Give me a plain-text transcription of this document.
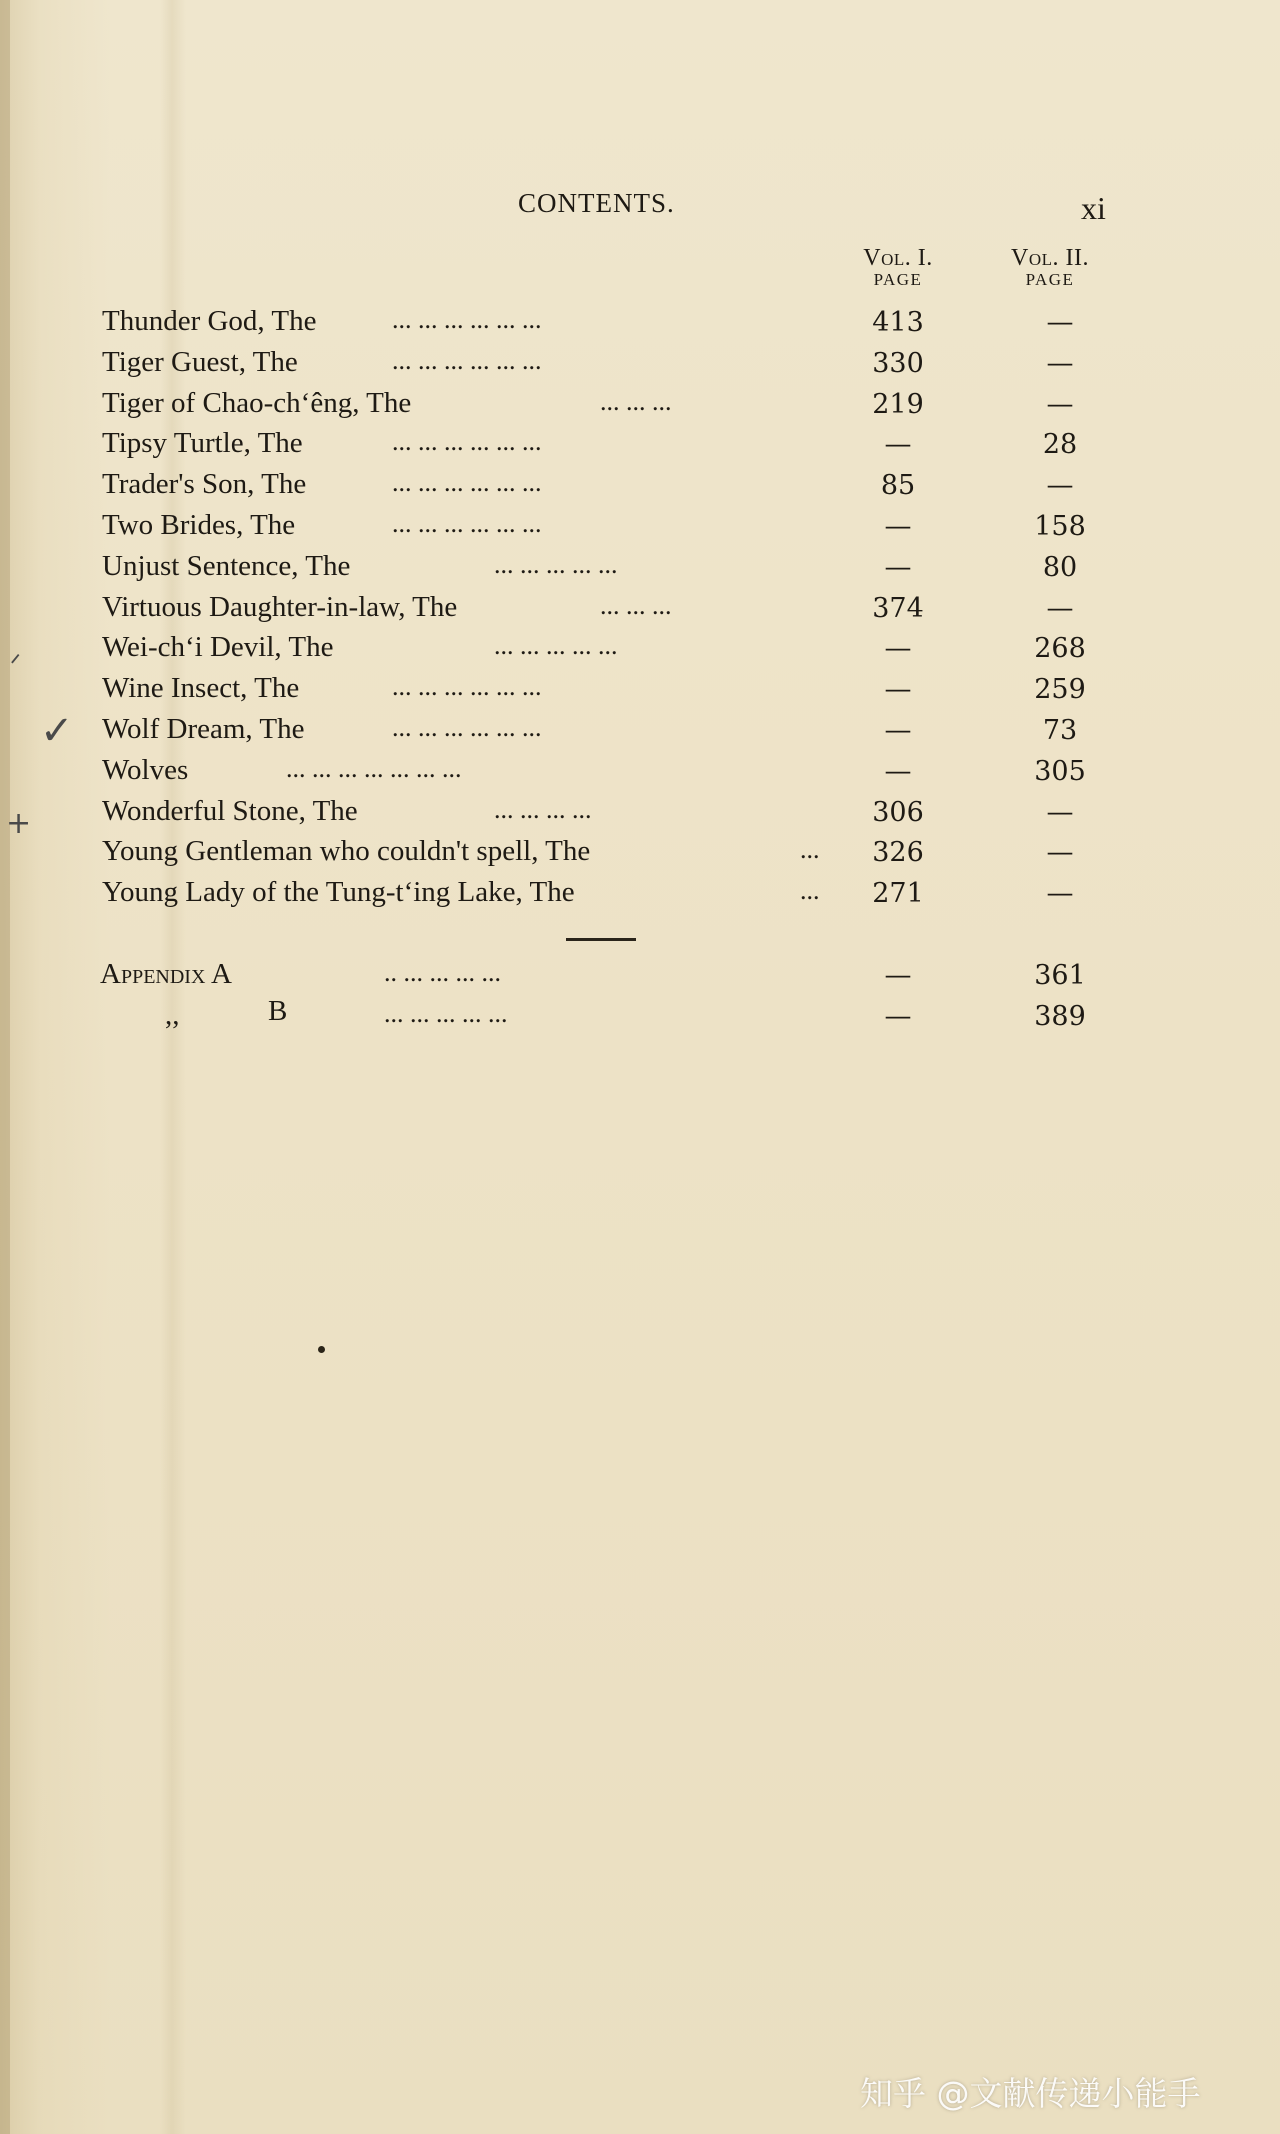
CONTENTS.	xi
Vol. I.
PAGE
Vol. II.
PAGE
Thunder God, The	... ... ... ... ... ...	413	—
Tiger Guest, The	... ... ... ... ... ...	330	—
Tiger of Chao-ch‘êng, The	... ... ...	219	—
Tipsy Turtle, The	... ... ... ... ... ...	—	28
Trader's Son, The	... ... ... ... ... ...	85	—
Two Brides, The	... ... ... ... ... ...	—	158
Unjust Sentence, The	... ... ... ... ...	—	80
Virtuous Daughter-in-law, The	... ... ...	374	—
Wei-ch‘i Devil, The	... ... ... ... ...	—	268
Wine Insect, The	... ... ... ... ... ...	—	259
Wolf Dream, The	... ... ... ... ... ...	—	73
Wolves	... ... ... ... ... ... ...	—	305
Wonderful Stone, The	... ... ... ...	306	—
Young Gentleman who couldn't spell, The	...	326	—
Young Lady of the Tung-t‘ing Lake, The	...	271	—
Appendix A	.. ... ... ... ...	—	361
,,	B	... ... ... ... ...	—	389
ᐟ
✓
+
知乎 @文献传递小能手
